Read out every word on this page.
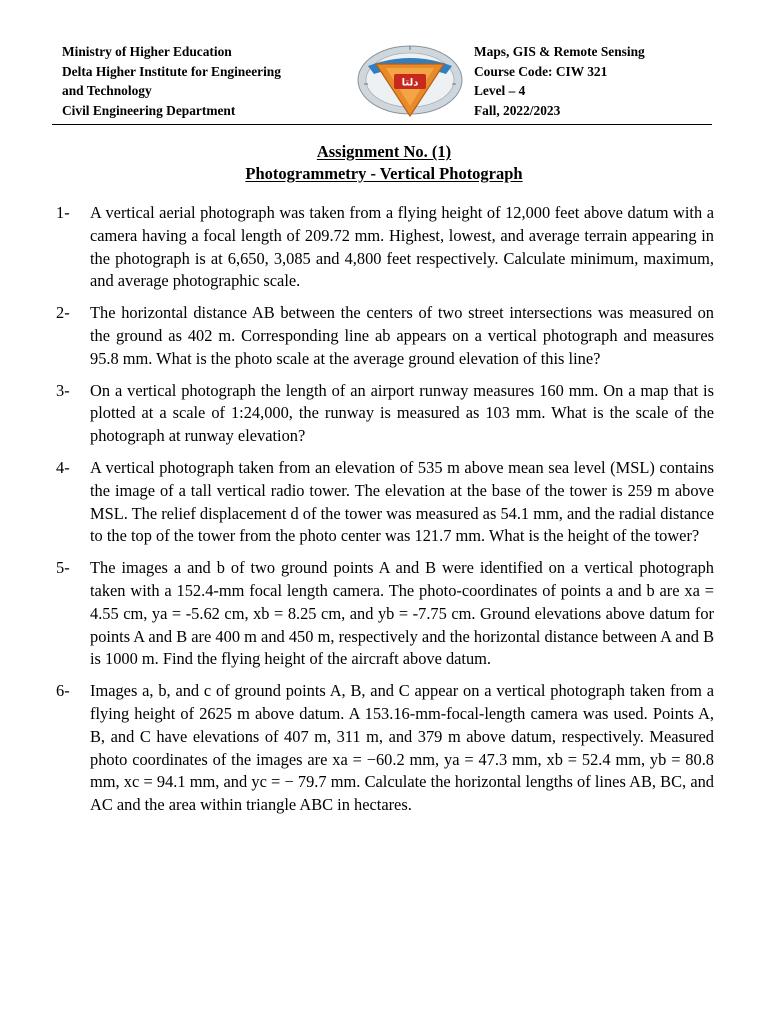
Ministry of Higher Education
Delta Higher Institute for Engineering
and Technology
Civil Engineering Department
دلتا
Maps, GIS & Remote Sensing
Course Code: CIW 321
Level – 4
Fall, 2022/2023
Assignment No. (1)
Photogrammetry - Vertical Photograph
1- A vertical aerial photograph was taken from a flying height of 12,000 feet above datum with a camera having a focal length of 209.72 mm. Highest, lowest, and average terrain appearing in the photograph is at 6,650, 3,085 and 4,800 feet respectively. Calculate minimum, maximum, and average photographic scale.
2- The horizontal distance AB between the centers of two street intersections was measured on the ground as 402 m. Corresponding line ab appears on a vertical photograph and measures 95.8 mm. What is the photo scale at the average ground elevation of this line?
3- On a vertical photograph the length of an airport runway measures 160 mm. On a map that is plotted at a scale of 1:24,000, the runway is measured as 103 mm. What is the scale of the photograph at runway elevation?
4- A vertical photograph taken from an elevation of 535 m above mean sea level (MSL) contains the image of a tall vertical radio tower. The elevation at the base of the tower is 259 m above MSL. The relief displacement d of the tower was measured as 54.1 mm, and the radial distance to the top of the tower from the photo center was 121.7 mm. What is the height of the tower?
5- The images a and b of two ground points A and B were identified on a vertical photograph taken with a 152.4-mm focal length camera. The photo-coordinates of points a and b are xa = 4.55 cm, ya = -5.62 cm, xb = 8.25 cm, and yb = -7.75 cm. Ground elevations above datum for points A and B are 400 m and 450 m, respectively and the horizontal distance between A and B is 1000 m. Find the flying height of the aircraft above datum.
6- Images a, b, and c of ground points A, B, and C appear on a vertical photograph taken from a flying height of 2625 m above datum. A 153.16-mm-focal-length camera was used. Points A, B, and C have elevations of 407 m, 311 m, and 379 m above datum, respectively. Measured photo coordinates of the images are xa = −60.2 mm, ya = 47.3 mm, xb = 52.4 mm, yb = 80.8 mm, xc = 94.1 mm, and yc = − 79.7 mm. Calculate the horizontal lengths of lines AB, BC, and AC and the area within triangle ABC in hectares.
